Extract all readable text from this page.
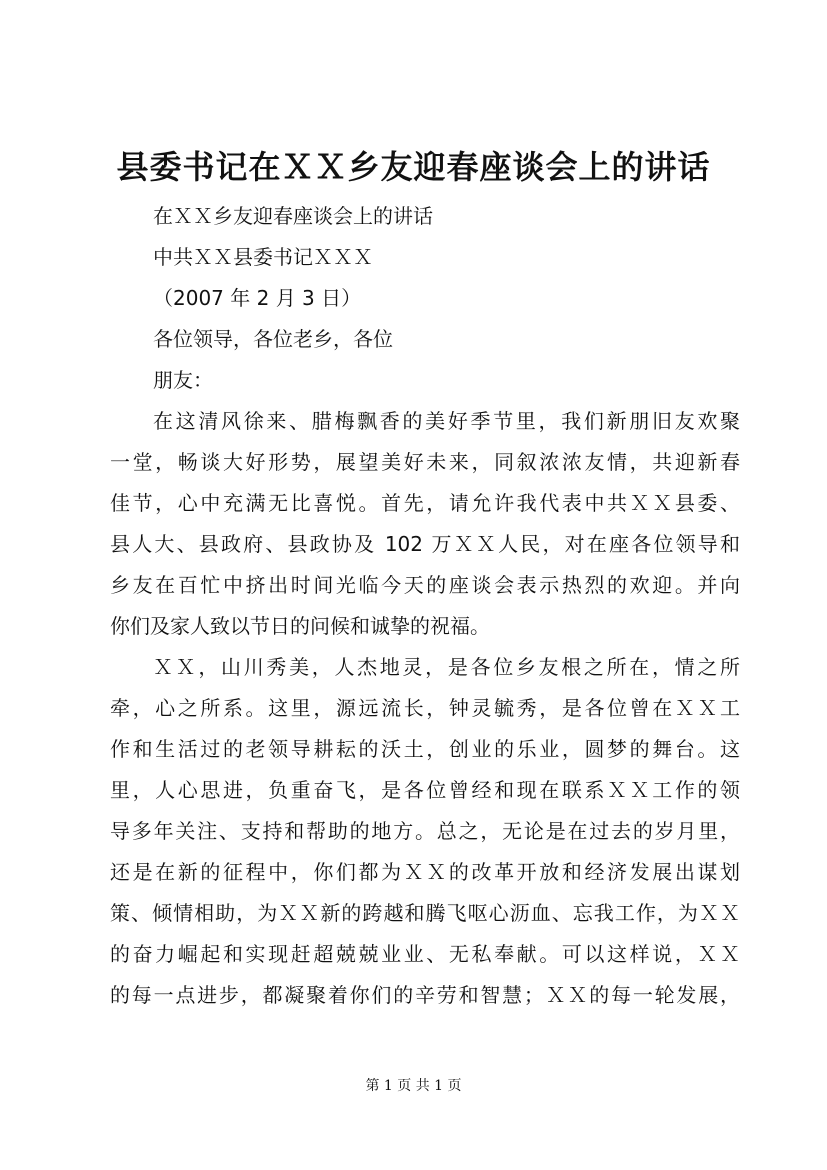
县委书记在ＸＸ乡友迎春座谈会上的讲话
在ＸＸ乡友迎春座谈会上的讲话
中共ＸＸ县委书记ＸＸＸ
（2007 年 2 月 3 日）
各位领导，各位老乡，各位
朋友：
在这清风徐来、腊梅飘香的美好季节里，我们新朋旧友欢聚
一堂，畅谈大好形势，展望美好未来，同叙浓浓友情，共迎新春
佳节，心中充满无比喜悦。首先，请允许我代表中共ＸＸ县委、
县人大、县政府、县政协及 102 万ＸＸ人民，对在座各位领导和
乡友在百忙中挤出时间光临今天的座谈会表示热烈的欢迎。并向
你们及家人致以节日的问候和诚挚的祝福。
ＸＸ，山川秀美，人杰地灵，是各位乡友根之所在，情之所
牵，心之所系。这里，源远流长，钟灵毓秀，是各位曾在ＸＸ工
作和生活过的老领导耕耘的沃土，创业的乐业，圆梦的舞台。这
里，人心思进，负重奋飞，是各位曾经和现在联系ＸＸ工作的领
导多年关注、支持和帮助的地方。总之，无论是在过去的岁月里，
还是在新的征程中，你们都为ＸＸ的改革开放和经济发展出谋划
策、倾情相助，为ＸＸ新的跨越和腾飞呕心沥血、忘我工作，为ＸＸ
的奋力崛起和实现赶超兢兢业业、无私奉献。可以这样说，ＸＸ
的每一点进步，都凝聚着你们的辛劳和智慧；ＸＸ的每一轮发展，
第 1 页 共 1 页
